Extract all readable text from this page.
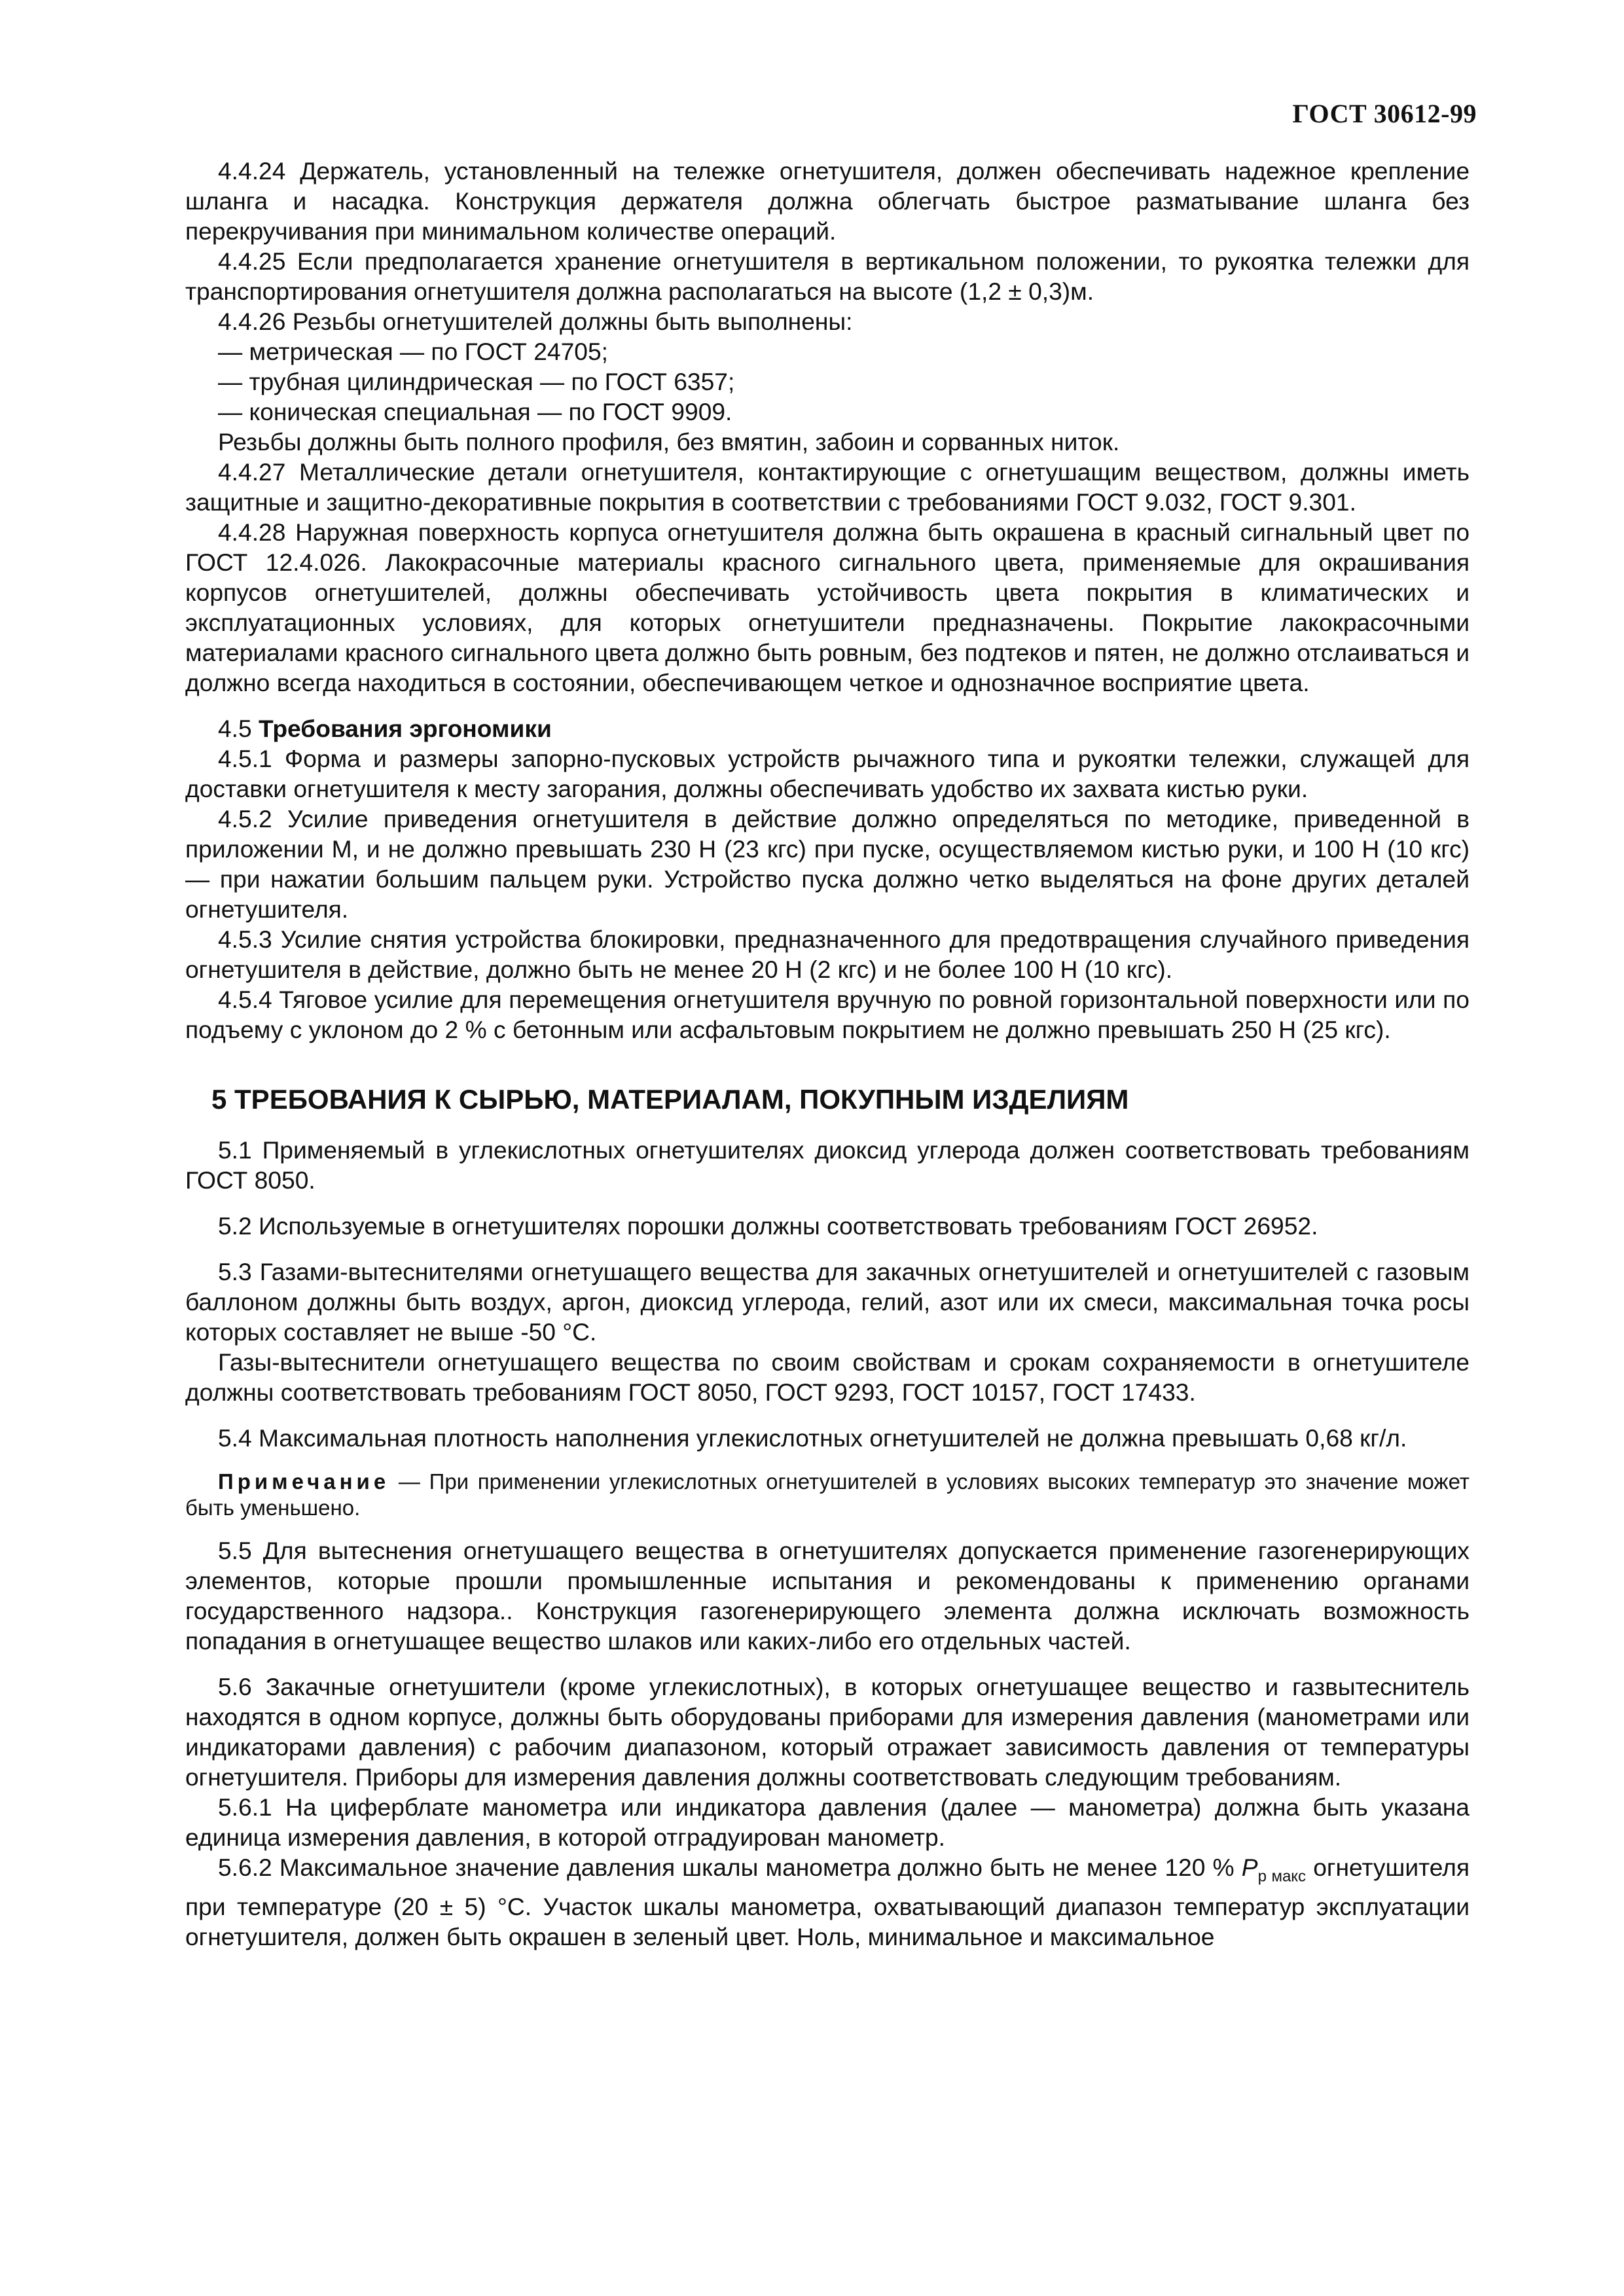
ГОСТ 30612-99

4.4.24 Держатель, установленный на тележке огнетушителя, должен обеспечивать надежное крепление шланга и насадка. Конструкция держателя должна облегчать быстрое разматывание шланга без перекручивания при минимальном количестве операций.

4.4.25 Если предполагается хранение огнетушителя в вертикальном положении, то рукоятка тележки для транспортирования огнетушителя должна располагаться на высоте (1,2 ± 0,3)м.

4.4.26 Резьбы огнетушителей должны быть выполнены:

— метрическая — по ГОСТ 24705;

— трубная цилиндрическая — по ГОСТ 6357;

— коническая специальная — по ГОСТ 9909.

Резьбы должны быть полного профиля, без вмятин, забоин и сорванных ниток.

4.4.27 Металлические детали огнетушителя, контактирующие с огнетушащим веществом, должны иметь защитные и защитно-декоративные покрытия в соответствии с требованиями ГОСТ 9.032, ГОСТ 9.301.

4.4.28 Наружная поверхность корпуса огнетушителя должна быть окрашена в красный сигнальный цвет по ГОСТ 12.4.026. Лакокрасочные материалы красного сигнального цвета, применяемые для окрашивания корпусов огнетушителей, должны обеспечивать устойчивость цвета покрытия в климатических и эксплуатационных условиях, для которых огнетушители предназначены. Покрытие лакокрасочными материалами красного сигнального цвета должно быть ровным, без подтеков и пятен, не должно отслаиваться и должно всегда находиться в состоянии, обеспечивающем четкое и однозначное восприятие цвета.

4.5 Требования эргономики

4.5.1 Форма и размеры запорно-пусковых устройств рычажного типа и рукоятки тележки, служащей для доставки огнетушителя к месту загорания, должны обеспечивать удобство их захвата кистью руки.

4.5.2 Усилие приведения огнетушителя в действие должно определяться по методике, приведенной в приложении М, и не должно превышать 230 Н (23 кгс) при пуске, осуществляемом кистью руки, и 100 Н (10 кгс) — при нажатии большим пальцем руки. Устройство пуска должно четко выделяться на фоне других деталей огнетушителя.

4.5.3 Усилие снятия устройства блокировки, предназначенного для предотвращения случайного приведения огнетушителя в действие, должно быть не менее 20 Н (2 кгс) и не более 100 Н (10 кгс).

4.5.4 Тяговое усилие для перемещения огнетушителя вручную по ровной горизонтальной поверхности или по подъему с уклоном до 2 % с бетонным или асфальтовым покрытием не должно превышать 250 Н (25 кгс).

5 ТРЕБОВАНИЯ К СЫРЬЮ, МАТЕРИАЛАМ, ПОКУПНЫМ ИЗДЕЛИЯМ

5.1 Применяемый в углекислотных огнетушителях диоксид углерода должен соответствовать требованиям ГОСТ 8050.

5.2 Используемые в огнетушителях порошки должны соответствовать требованиям ГОСТ 26952.

5.3 Газами-вытеснителями огнетушащего вещества для закачных огнетушителей и огнетушителей с газовым баллоном должны быть воздух, аргон, диоксид углерода, гелий, азот или их смеси, максимальная точка росы которых составляет не выше -50 °С.

Газы-вытеснители огнетушащего вещества по своим свойствам и срокам сохраняемости в огнетушителе должны соответствовать требованиям ГОСТ 8050, ГОСТ 9293, ГОСТ 10157, ГОСТ 17433.

5.4 Максимальная плотность наполнения углекислотных огнетушителей не должна превышать 0,68 кг/л.

Примечание — При применении углекислотных огнетушителей в условиях высоких температур это значение может быть уменьшено.

5.5 Для вытеснения огнетушащего вещества в огнетушителях допускается применение газогенерирующих элементов, которые прошли промышленные испытания и рекомендованы к применению органами государственного надзора.. Конструкция газогенерирующего элемента должна исключать возможность попадания в огнетушащее вещество шлаков или каких-либо его отдельных частей.

5.6 Закачные огнетушители (кроме углекислотных), в которых огнетушащее вещество и газвытеснитель находятся в одном корпусе, должны быть оборудованы приборами для измерения давления (манометрами или индикаторами давления) с рабочим диапазоном, который отражает зависимость давления от температуры огнетушителя. Приборы для измерения давления должны соответствовать следующим требованиям.

5.6.1 На циферблате манометра или индикатора давления (далее — манометра) должна быть указана единица измерения давления, в которой отградуирован манометр.

5.6.2 Максимальное значение давления шкалы манометра должно быть не менее 120 % $P_{р макс}$ огнетушителя при температуре (20 ± 5) °С. Участок шкалы манометра, охватывающий диапазон температур эксплуатации огнетушителя, должен быть окрашен в зеленый цвет. Ноль, минимальное и максимальное
